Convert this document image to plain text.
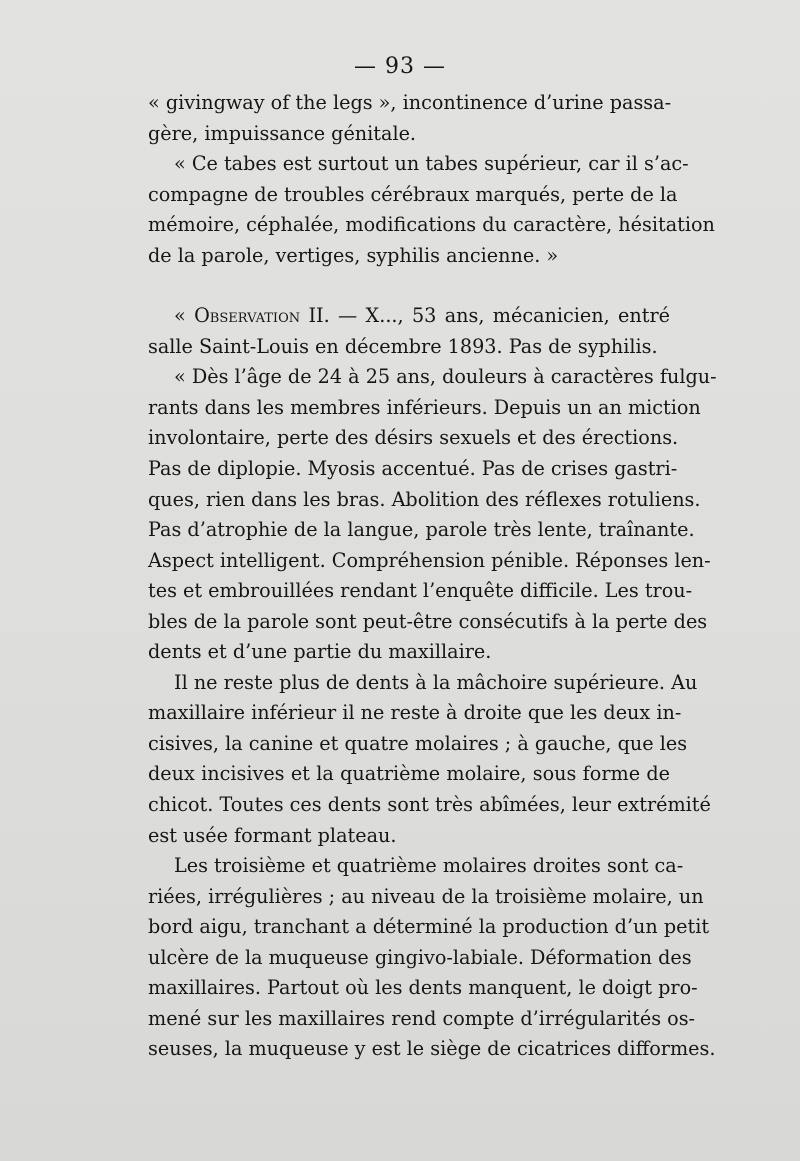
— 93 —
« givingway of the legs », incontinence d’urine passa-
gère, impuissance génitale.
« Ce tabes est surtout un tabes supérieur, car il s’ac-
compagne de troubles cérébraux marqués, perte de la
mémoire, céphalée, modifications du caractère, hésitation
de la parole, vertiges, syphilis ancienne. »
« Observation II. — X..., 53 ans, mécanicien, entré
salle Saint-Louis en décembre 1893. Pas de syphilis.
« Dès l’âge de 24 à 25 ans, douleurs à caractères fulgu-
rants dans les membres inférieurs. Depuis un an miction
involontaire, perte des désirs sexuels et des érections.
Pas de diplopie. Myosis accentué. Pas de crises gastri-
ques, rien dans les bras. Abolition des réflexes rotuliens.
Pas d’atrophie de la langue, parole très lente, traînante.
Aspect intelligent. Compréhension pénible. Réponses len-
tes et embrouillées rendant l’enquête difficile. Les trou-
bles de la parole sont peut-être consécutifs à la perte des
dents et d’une partie du maxillaire.
Il ne reste plus de dents à la mâchoire supérieure. Au
maxillaire inférieur il ne reste à droite que les deux in-
cisives, la canine et quatre molaires ; à gauche, que les
deux incisives et la quatrième molaire, sous forme de
chicot. Toutes ces dents sont très abîmées, leur extrémité
est usée formant plateau.
Les troisième et quatrième molaires droites sont ca-
riées, irrégulières ; au niveau de la troisième molaire, un
bord aigu, tranchant a déterminé la production d’un petit
ulcère de la muqueuse gingivo-labiale. Déformation des
maxillaires. Partout où les dents manquent, le doigt pro-
mené sur les maxillaires rend compte d’irrégularités os-
seuses, la muqueuse y est le siège de cicatrices difformes.
